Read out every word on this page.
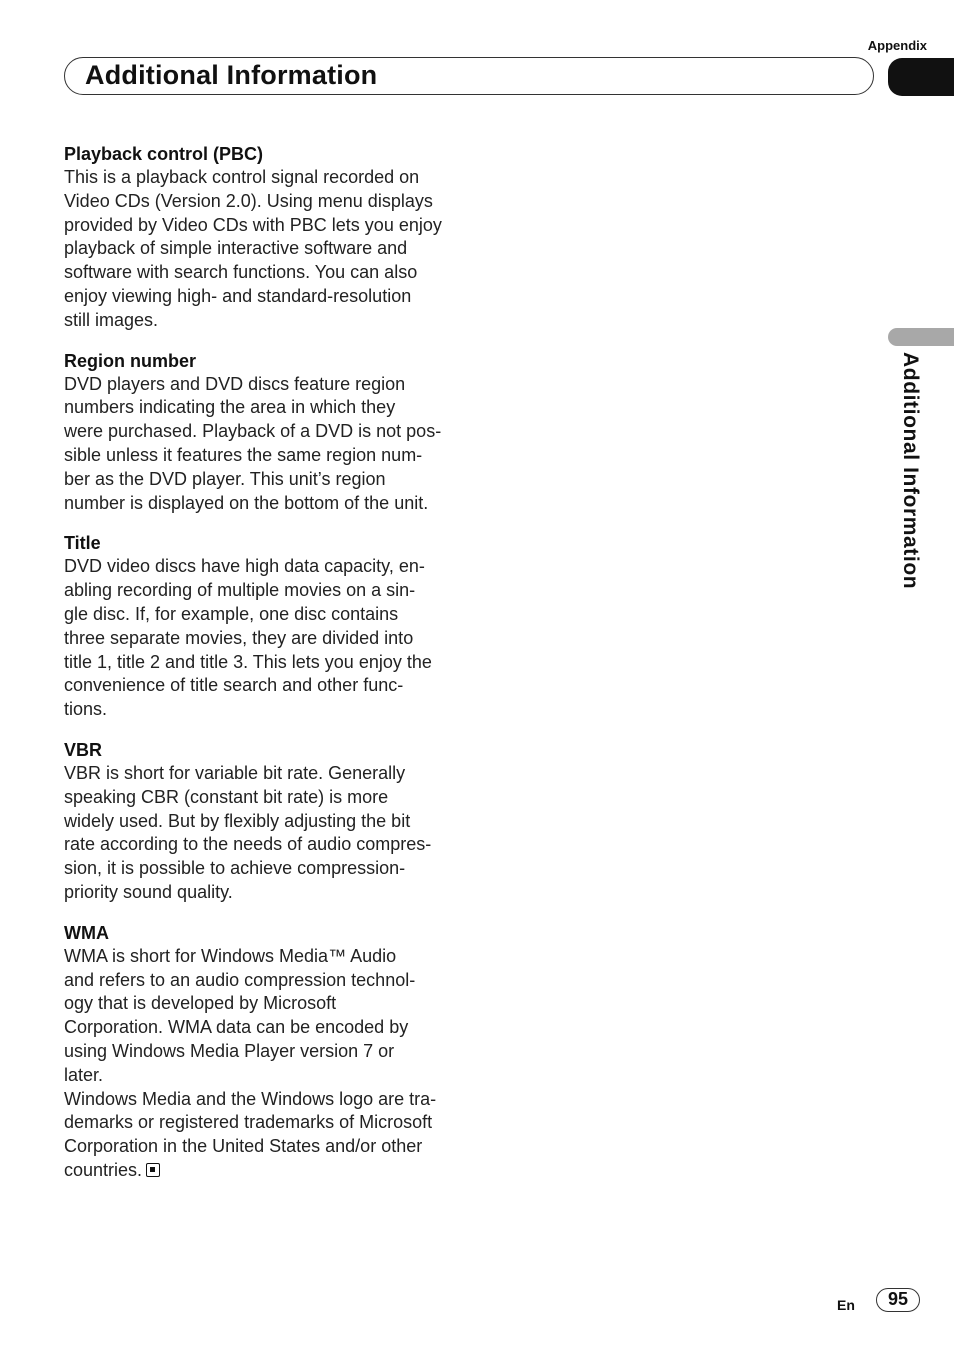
Appendix
Additional Information
Additional Information

Playback control (PBC)

This is a playback control signal recorded on
Video CDs (Version 2.0). Using menu displays
provided by Video CDs with PBC lets you enjoy
playback of simple interactive software and
software with search functions. You can also
enjoy viewing high- and standard-resolution
still images.

Region number

DVD players and DVD discs feature region
numbers indicating the area in which they
were purchased. Playback of a DVD is not pos-
sible unless it features the same region num-
ber as the DVD player. This unit’s region
number is displayed on the bottom of the unit.

Title

DVD video discs have high data capacity, en-
abling recording of multiple movies on a sin-
gle disc. If, for example, one disc contains
three separate movies, they are divided into
title 1, title 2 and title 3. This lets you enjoy the
convenience of title search and other func-
tions.

VBR

VBR is short for variable bit rate. Generally
speaking CBR (constant bit rate) is more
widely used. But by flexibly adjusting the bit
rate according to the needs of audio compres-
sion, it is possible to achieve compression-
priority sound quality.

WMA

WMA is short for Windows Media™ Audio
and refers to an audio compression technol-
ogy that is developed by Microsoft
Corporation. WMA data can be encoded by
using Windows Media Player version 7 or
later.
Windows Media and the Windows logo are tra-
demarks or registered trademarks of Microsoft
Corporation in the United States and/or other
countries.

En	95
